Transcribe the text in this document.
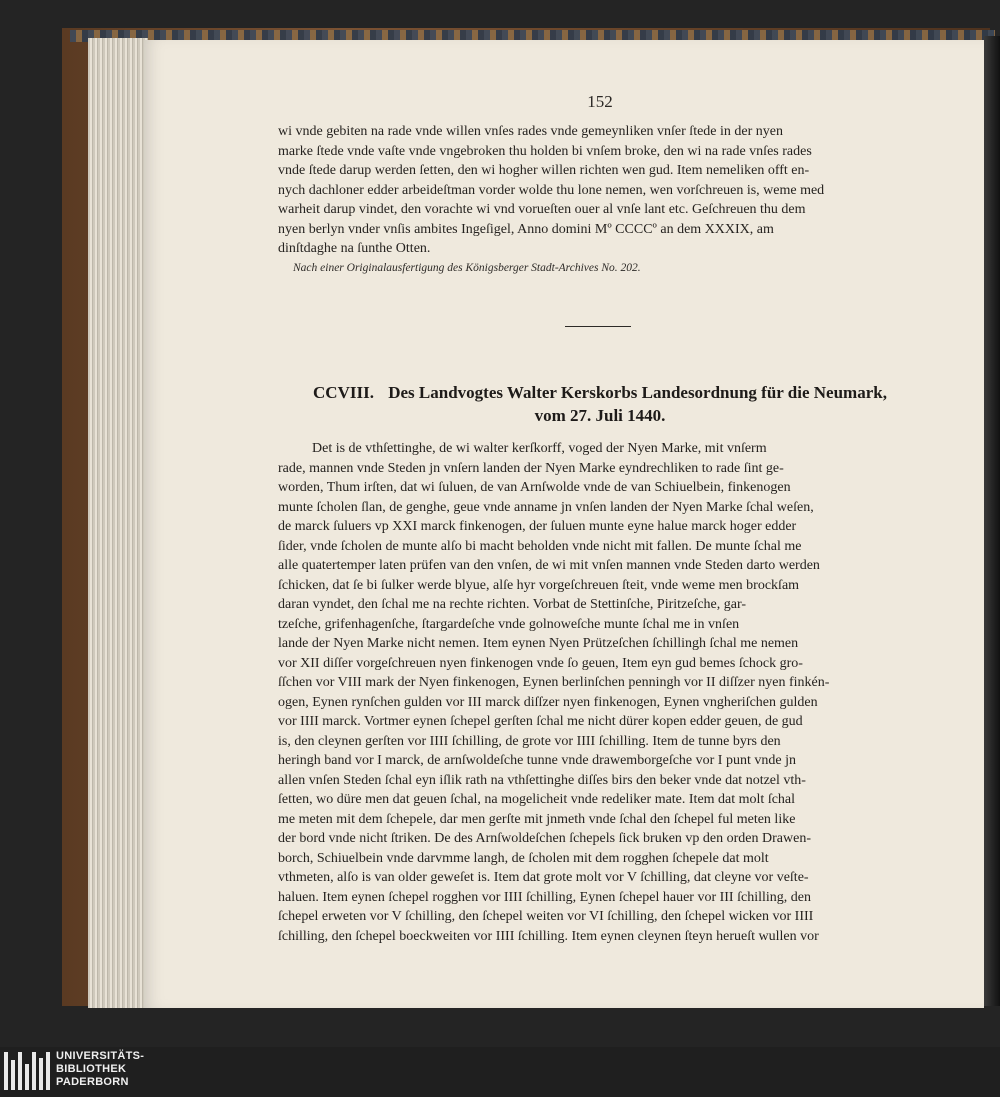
152
wi vnde gebiten na rade vnde willen vnſes rades vnde gemeynliken vnſer ſtede in der nyen
marke ſtede vnde vaſte vnde vngebroken thu holden bi vnſem broke, den wi na rade vnſes rades
vnde ſtede darup werden ſetten, den wi hogher willen richten wen gud. Item nemeliken offt en-
nych dachloner edder arbeideſtman vorder wolde thu lone nemen, wen vorſchreuen is, weme med
warheit darup vindet, den vorachte wi vnd vorueſten ouer al vnſe lant etc. Geſchreuen thu dem
nyen berlyn vnder vnſis ambites Ingeſigel, Anno domini Mº CCCCº an dem XXXIX, am
dinſtdaghe na ſunthe Otten.
Nach einer Originalausfertigung des Königsberger Stadt-Archives No. 202.
CCVIII. Des Landvogtes Walter Kerskorbs Landesordnung für die Neumark,
vom 27. Juli 1440.
Det is de vthſettinghe, de wi walter kerſkorff, voged der Nyen Marke, mit vnſerm
rade, mannen vnde Steden jn vnſern landen der Nyen Marke eyndrechliken to rade ſint ge-
worden, Thum irſten, dat wi ſuluen, de van Arnſwolde vnde de van Schiuelbein, finkenogen
munte ſcholen ſlan, de genghe, geue vnde anname jn vnſen landen der Nyen Marke ſchal weſen,
de marck ſuluers vp XXI marck finkenogen, der ſuluen munte eyne halue marck hoger edder
ſider, vnde ſcholen de munte alſo bi macht beholden vnde nicht mit fallen. De munte ſchal me
alle quatertemper laten prüfen van den vnſen, de wi mit vnſen mannen vnde Steden darto werden
ſchicken, dat ſe bi ſulker werde blyue, alſe hyr vorgeſchreuen ſteit, vnde weme men brockſam
daran vyndet, den ſchal me na rechte richten. Vorbat de Stettinſche, Piritzeſche, gar-
tzeſche, grifenhagenſche, ſtargardeſche vnde golnoweſche munte ſchal me in vnſen
lande der Nyen Marke nicht nemen. Item eynen Nyen Prützeſchen ſchillingh ſchal me nemen
vor XII diſſer vorgeſchreuen nyen finkenogen vnde ſo geuen, Item eyn gud bemes ſchock gro-
ſſchen vor VIII mark der Nyen finkenogen, Eynen berlinſchen penningh vor II diſſzer nyen finkén-
ogen, Eynen rynſchen gulden vor III marck diſſzer nyen finkenogen, Eynen vngheriſchen gulden
vor IIII marck. Vortmer eynen ſchepel gerſten ſchal me nicht dürer kopen edder geuen, de gud
is, den cleynen gerſten vor IIII ſchilling, de grote vor IIII ſchilling. Item de tunne byrs den
heringh band vor I marck, de arnſwoldeſche tunne vnde drawemborgeſche vor I punt vnde jn
allen vnſen Steden ſchal eyn iſlik rath na vthſettinghe diſſes birs den beker vnde dat notzel vth-
ſetten, wo düre men dat geuen ſchal, na mogelicheit vnde redeliker mate. Item dat molt ſchal
me meten mit dem ſchepele, dar men gerſte mit jnmeth vnde ſchal den ſchepel ful meten like
der bord vnde nicht ſtriken. De des Arnſwoldeſchen ſchepels ſick bruken vp den orden Drawen-
borch, Schiuelbein vnde darvmme langh, de ſcholen mit dem rogghen ſchepele dat molt
vthmeten, alſo is van older geweſet is. Item dat grote molt vor V ſchilling, dat cleyne vor veſte-
haluen. Item eynen ſchepel rogghen vor IIII ſchilling, Eynen ſchepel hauer vor III ſchilling, den
ſchepel erweten vor V ſchilling, den ſchepel weiten vor VI ſchilling, den ſchepel wicken vor IIII
ſchilling, den ſchepel boeckweiten vor IIII ſchilling. Item eynen cleynen ſteyn herueſt wullen vor
UNIVERSITÄTS-
BIBLIOTHEK
PADERBORN
